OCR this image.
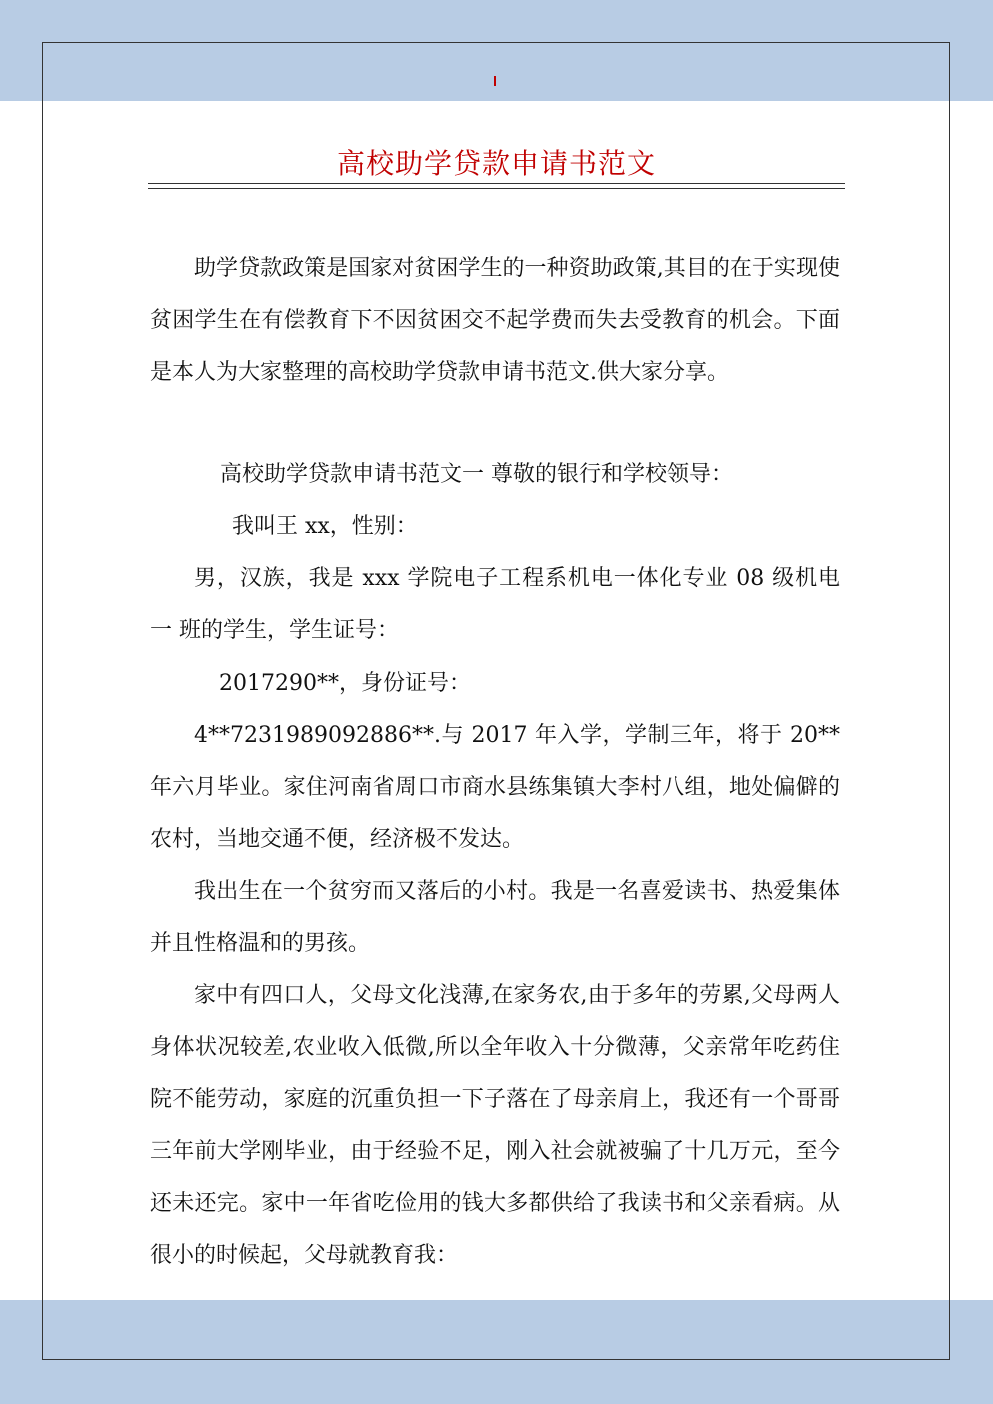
高校助学贷款申请书范文

助学贷款政策是国家对贫困学生的一种资助政策,其目的在于实现使贫困学生在有偿教育下不因贫困交不起学费而失去受教育的机会。下面是本人为大家整理的高校助学贷款申请书范文.供大家分享。

高校助学贷款申请书范文一 尊敬的银行和学校领导：

我叫王 xx，性别：

男，汉族，我是 xxx 学院电子工程系机电一体化专业 08 级机电 一 班的学生，学生证号：

2017290**，身份证号：

4**7231989092886**.与 2017 年入学，学制三年，将于 20**年六月毕业。家住河南省周口市商水县练集镇大李村八组，地处偏僻的农村，当地交通不便，经济极不发达。

我出生在一个贫穷而又落后的小村。我是一名喜爱读书、热爱集体并且性格温和的男孩。

家中有四口人，父母文化浅薄,在家务农,由于多年的劳累,父母两人身体状况较差,农业收入低微,所以全年收入十分微薄，父亲常年吃药住院不能劳动，家庭的沉重负担一下子落在了母亲肩上，我还有一个哥哥三年前大学刚毕业，由于经验不足，刚入社会就被骗了十几万元，至今还未还完。家中一年省吃俭用的钱大多都供给了我读书和父亲看病。从很小的时候起，父母就教育我：
